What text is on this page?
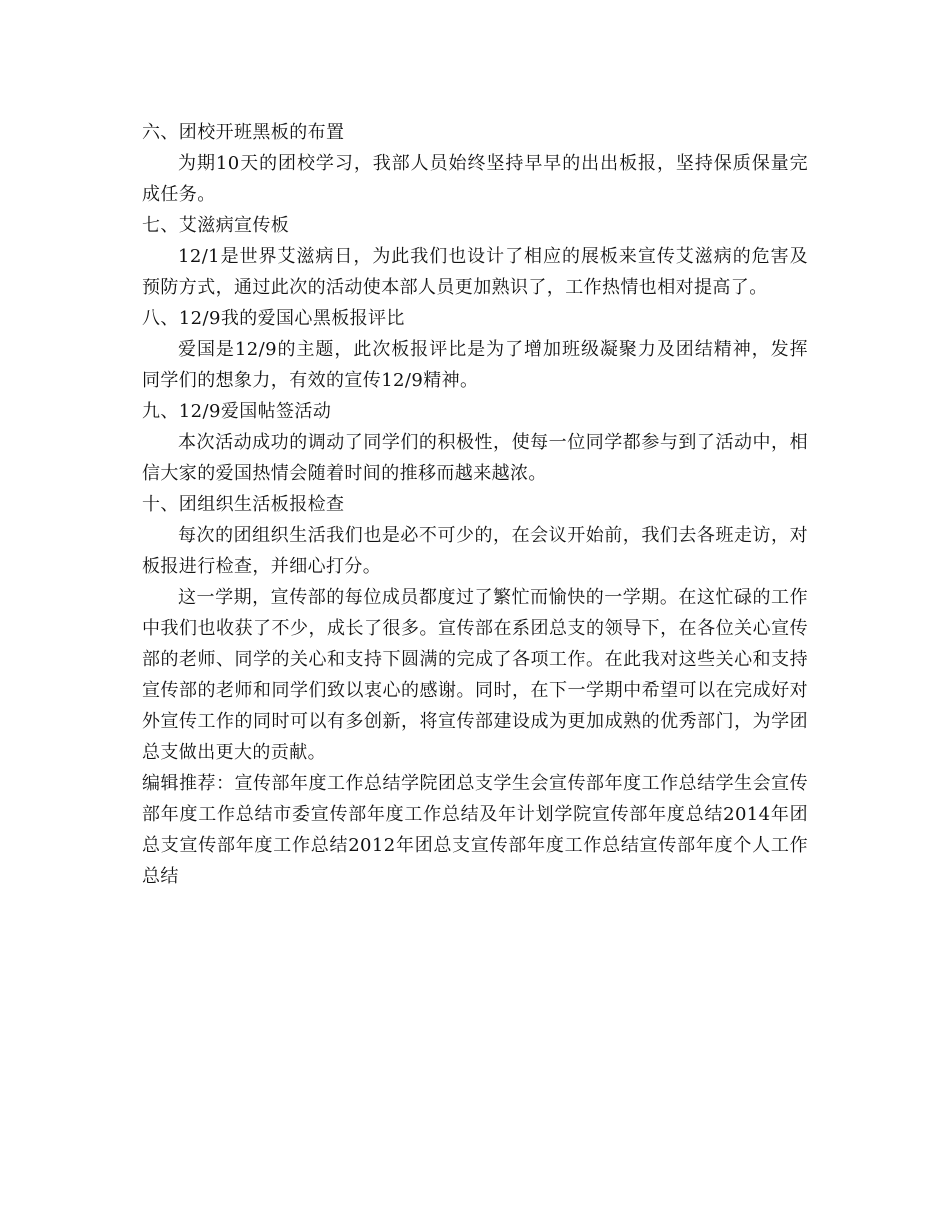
六、团校开班黑板的布置

为期10天的团校学习，我部人员始终坚持早早的出出板报，坚持保质保量完成任务。

七、艾滋病宣传板

12/1是世界艾滋病日，为此我们也设计了相应的展板来宣传艾滋病的危害及预防方式，通过此次的活动使本部人员更加熟识了，工作热情也相对提高了。

八、12/9我的爱国心黑板报评比

爱国是12/9的主题，此次板报评比是为了增加班级凝聚力及团结精神，发挥同学们的想象力，有效的宣传12/9精神。

九、12/9爱国帖签活动

本次活动成功的调动了同学们的积极性，使每一位同学都参与到了活动中，相信大家的爱国热情会随着时间的推移而越来越浓。

十、团组织生活板报检查

每次的团组织生活我们也是必不可少的，在会议开始前，我们去各班走访，对板报进行检查，并细心打分。

这一学期，宣传部的每位成员都度过了繁忙而愉快的一学期。在这忙碌的工作中我们也收获了不少，成长了很多。宣传部在系团总支的领导下，在各位关心宣传部的老师、同学的关心和支持下圆满的完成了各项工作。在此我对这些关心和支持宣传部的老师和同学们致以衷心的感谢。同时，在下一学期中希望可以在完成好对外宣传工作的同时可以有多创新，将宣传部建设成为更加成熟的优秀部门，为学团总支做出更大的贡献。

编辑推荐：宣传部年度工作总结学院团总支学生会宣传部年度工作总结学生会宣传部年度工作总结市委宣传部年度工作总结及年计划学院宣传部年度总结2014年团总支宣传部年度工作总结2012年团总支宣传部年度工作总结宣传部年度个人工作总结
